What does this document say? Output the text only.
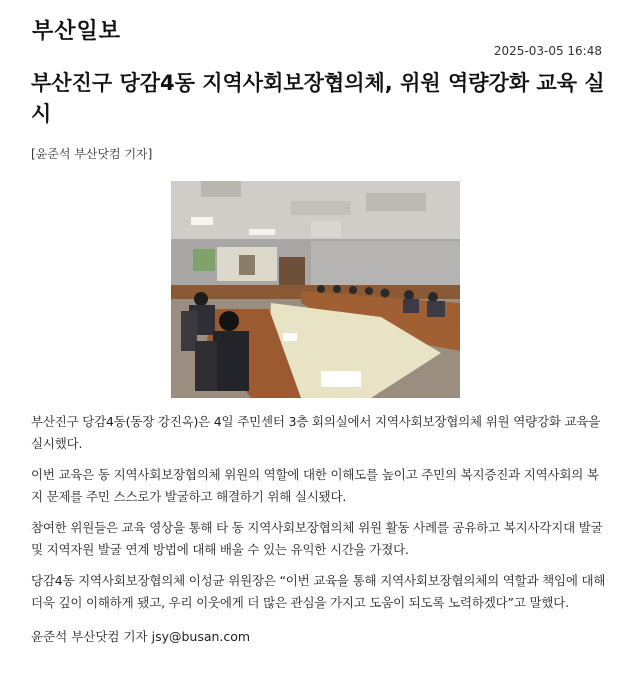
부산일보
2025-03-05 16:48
부산진구 당감4동 지역사회보장협의체, 위원 역량강화 교육 실시
[윤준석 부산닷컴 기자]

부산진구 당감4동(동장 강진옥)은 4일 주민센터 3층 회의실에서 지역사회보장협의체 위원 역량강화 교육을 실시했다.

이번 교육은 동 지역사회보장협의체 위원의 역할에 대한 이해도를 높이고 주민의 복지증진과 지역사회의 복지 문제를 주민 스스로가 발굴하고 해결하기 위해 실시됐다.

참여한 위원들은 교육 영상을 통해 타 동 지역사회보장협의체 위원 활동 사례를 공유하고 복지사각지대 발굴 및 지역자원 발굴 연계 방법에 대해 배울 수 있는 유익한 시간을 가졌다.

당감4동 지역사회보장협의체 이성균 위원장은 “이번 교육을 통해 지역사회보장협의체의 역할과 책임에 대해 더욱 깊이 이해하게 됐고, 우리 이웃에게 더 많은 관심을 가지고 도움이 되도록 노력하겠다”고 말했다.

윤준석 부산닷컴 기자 jsy@busan.com
